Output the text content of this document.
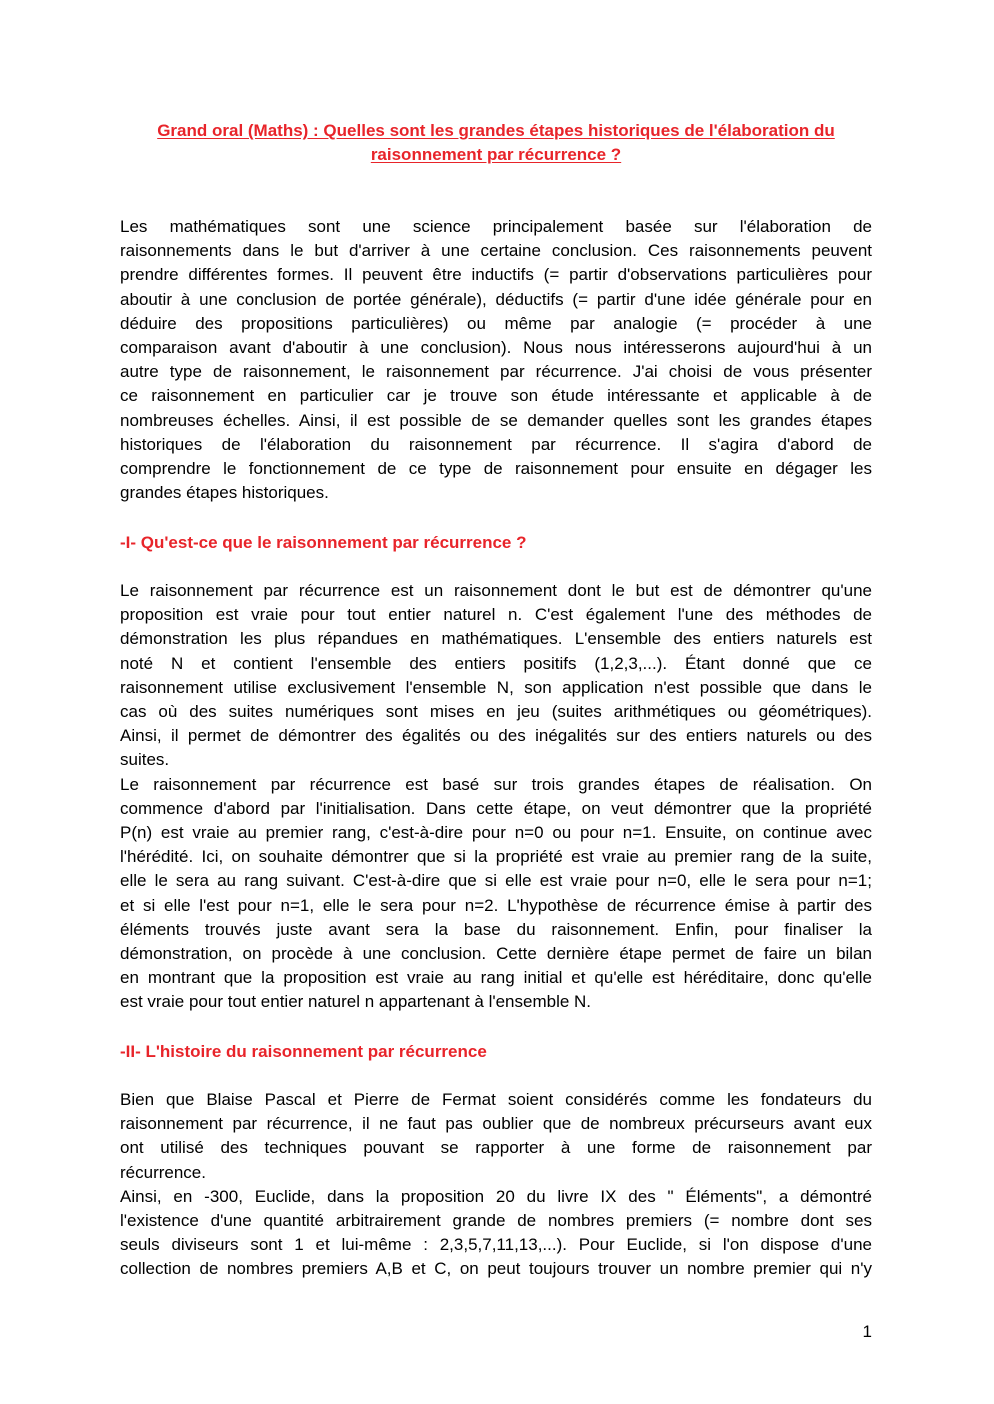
Grand oral (Maths) : Quelles sont les grandes étapes historiques de l'élaboration du
raisonnement par récurrence ?
Les mathématiques sont une science principalement basée sur l'élaboration de
raisonnements dans le but d'arriver à une certaine conclusion. Ces raisonnements peuvent
prendre différentes formes. Il peuvent être inductifs (= partir d'observations particulières pour
aboutir à une conclusion de portée générale), déductifs (= partir d'une idée générale pour en
déduire des propositions particulières) ou même par analogie (= procéder à une
comparaison avant d'aboutir à une conclusion). Nous nous intéresserons aujourd'hui à un
autre type de raisonnement, le raisonnement par récurrence. J'ai choisi de vous présenter
ce raisonnement en particulier car je trouve son étude intéressante et applicable à de
nombreuses échelles. Ainsi, il est possible de se demander quelles sont les grandes étapes
historiques de l'élaboration du raisonnement par récurrence. Il s'agira d'abord de
comprendre le fonctionnement de ce type de raisonnement pour ensuite en dégager les
grandes étapes historiques.
-I- Qu'est-ce que le raisonnement par récurrence ?
Le raisonnement par récurrence est un raisonnement dont le but est de démontrer qu'une
proposition est vraie pour tout entier naturel n. C'est également l'une des méthodes de
démonstration les plus répandues en mathématiques. L'ensemble des entiers naturels est
noté N et contient l'ensemble des entiers positifs (1,2,3,...). Étant donné que ce
raisonnement utilise exclusivement l'ensemble N, son application n'est possible que dans le
cas où des suites numériques sont mises en jeu (suites arithmétiques ou géométriques).
Ainsi, il permet de démontrer des égalités ou des inégalités sur des entiers naturels ou des
suites.
Le raisonnement par récurrence est basé sur trois grandes étapes de réalisation. On
commence d'abord par l'initialisation. Dans cette étape, on veut démontrer que la propriété
P(n) est vraie au premier rang, c'est-à-dire pour n=0 ou pour n=1. Ensuite, on continue avec
l'hérédité. Ici, on souhaite démontrer que si la propriété est vraie au premier rang de la suite,
elle le sera au rang suivant. C'est-à-dire que si elle est vraie pour n=0, elle le sera pour n=1;
et si elle l'est pour n=1, elle le sera pour n=2. L'hypothèse de récurrence émise à partir des
éléments trouvés juste avant sera la base du raisonnement. Enfin, pour finaliser la
démonstration, on procède à une conclusion. Cette dernière étape permet de faire un bilan
en montrant que la proposition est vraie au rang initial et qu'elle est héréditaire, donc qu'elle
est vraie pour tout entier naturel n appartenant à l'ensemble N.
-II- L'histoire du raisonnement par récurrence
Bien que Blaise Pascal et Pierre de Fermat soient considérés comme les fondateurs du
raisonnement par récurrence, il ne faut pas oublier que de nombreux précurseurs avant eux
ont utilisé des techniques pouvant se rapporter à une forme de raisonnement par
récurrence.
Ainsi, en -300, Euclide, dans la proposition 20 du livre IX des " Éléments", a démontré
l'existence d'une quantité arbitrairement grande de nombres premiers (= nombre dont ses
seuls diviseurs sont 1 et lui-même : 2,3,5,7,11,13,...). Pour Euclide, si l'on dispose d'une
collection de nombres premiers A,B et C, on peut toujours trouver un nombre premier qui n'y
1
